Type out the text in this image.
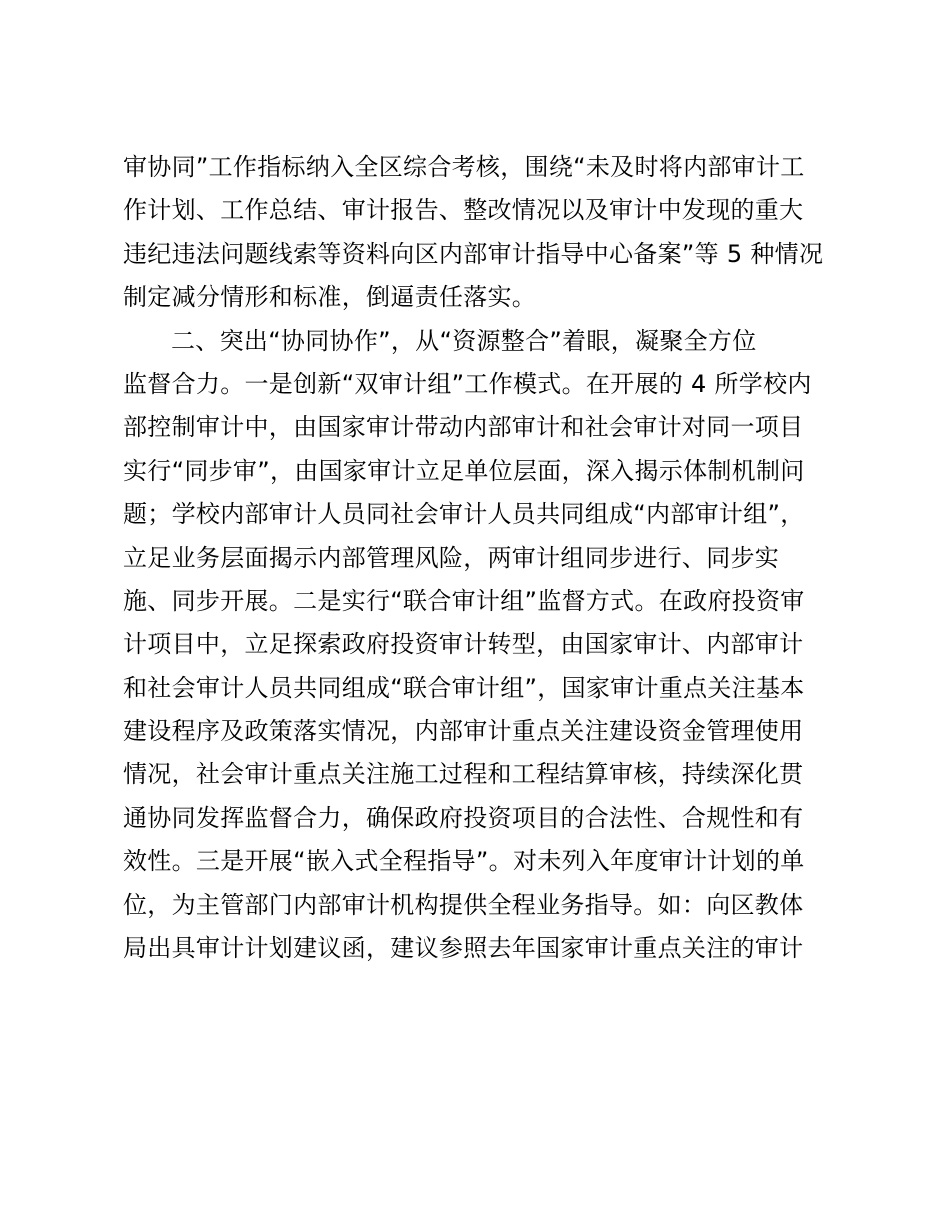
审协同”工作指标纳入全区综合考核，围绕“未及时将内部审计工
作计划、工作总结、审计报告、整改情况以及审计中发现的重大
违纪违法问题线索等资料向区内部审计指导中心备案”等 5 种情况
制定减分情形和标准，倒逼责任落实。
二、突出“协同协作”，从“资源整合”着眼，凝聚全方位
监督合力。一是创新“双审计组”工作模式。在开展的 4 所学校内
部控制审计中，由国家审计带动内部审计和社会审计对同一项目
实行“同步审”，由国家审计立足单位层面，深入揭示体制机制问
题；学校内部审计人员同社会审计人员共同组成“内部审计组”，
立足业务层面揭示内部管理风险，两审计组同步进行、同步实
施、同步开展。二是实行“联合审计组”监督方式。在政府投资审
计项目中，立足探索政府投资审计转型，由国家审计、内部审计
和社会审计人员共同组成“联合审计组”，国家审计重点关注基本
建设程序及政策落实情况，内部审计重点关注建设资金管理使用
情况，社会审计重点关注施工过程和工程结算审核，持续深化贯
通协同发挥监督合力，确保政府投资项目的合法性、合规性和有
效性。三是开展“嵌入式全程指导”。对未列入年度审计计划的单
位，为主管部门内部审计机构提供全程业务指导。如：向区教体
局出具审计计划建议函，建议参照去年国家审计重点关注的审计
